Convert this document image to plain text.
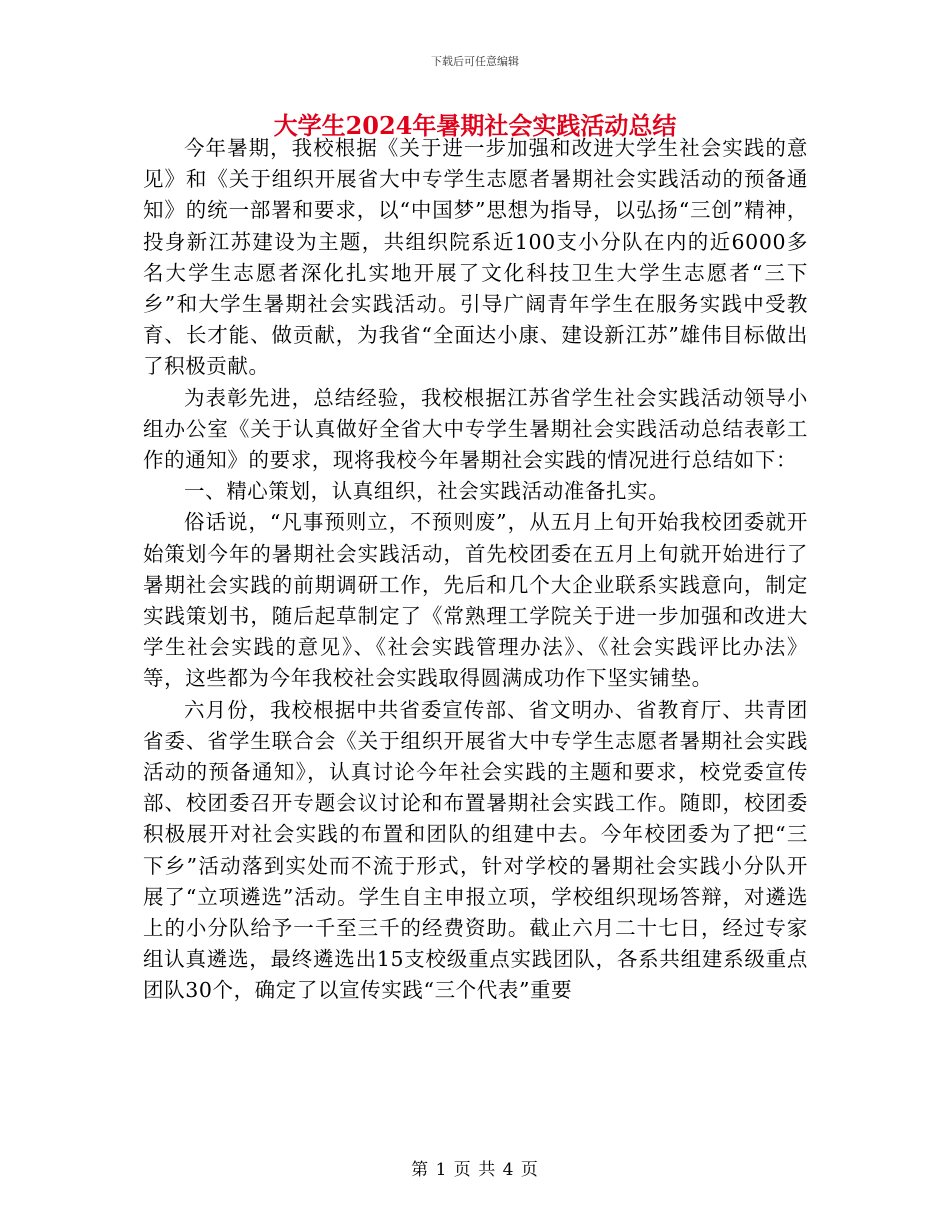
下载后可任意编辑
大学生2024年暑期社会实践活动总结

今年暑期，我校根据《关于进一步加强和改进大学生社会实践的意见》和《关于组织开展省大中专学生志愿者暑期社会实践活动的预备通知》的统一部署和要求，以“中国梦”思想为指导，以弘扬“三创”精神，投身新江苏建设为主题，共组织院系近100支小分队在内的近6000多名大学生志愿者深化扎实地开展了文化科技卫生大学生志愿者“三下乡”和大学生暑期社会实践活动。引导广阔青年学生在服务实践中受教育、长才能、做贡献，为我省“全面达小康、建设新江苏”雄伟目标做出了积极贡献。

为表彰先进，总结经验，我校根据江苏省学生社会实践活动领导小组办公室《关于认真做好全省大中专学生暑期社会实践活动总结表彰工作的通知》的要求，现将我校今年暑期社会实践的情况进行总结如下：

一、精心策划，认真组织，社会实践活动准备扎实。

俗话说，“凡事预则立，不预则废”，从五月上旬开始我校团委就开始策划今年的暑期社会实践活动，首先校团委在五月上旬就开始进行了暑期社会实践的前期调研工作，先后和几个大企业联系实践意向，制定实践策划书，随后起草制定了《常熟理工学院关于进一步加强和改进大学生社会实践的意见》、《社会实践管理办法》、《社会实践评比办法》等，这些都为今年我校社会实践取得圆满成功作下坚实铺垫。

六月份，我校根据中共省委宣传部、省文明办、省教育厅、共青团省委、省学生联合会《关于组织开展省大中专学生志愿者暑期社会实践活动的预备通知》，认真讨论今年社会实践的主题和要求，校党委宣传部、校团委召开专题会议讨论和布置暑期社会实践工作。随即，校团委积极展开对社会实践的布置和团队的组建中去。今年校团委为了把“三下乡”活动落到实处而不流于形式，针对学校的暑期社会实践小分队开展了“立项遴选”活动。学生自主申报立项，学校组织现场答辩，对遴选上的小分队给予一千至三千的经费资助。截止六月二十七日，经过专家组认真遴选，最终遴选出15支校级重点实践团队，各系共组建系级重点团队30个，确定了以宣传实践“三个代表”重要

第 1 页 共 4 页
